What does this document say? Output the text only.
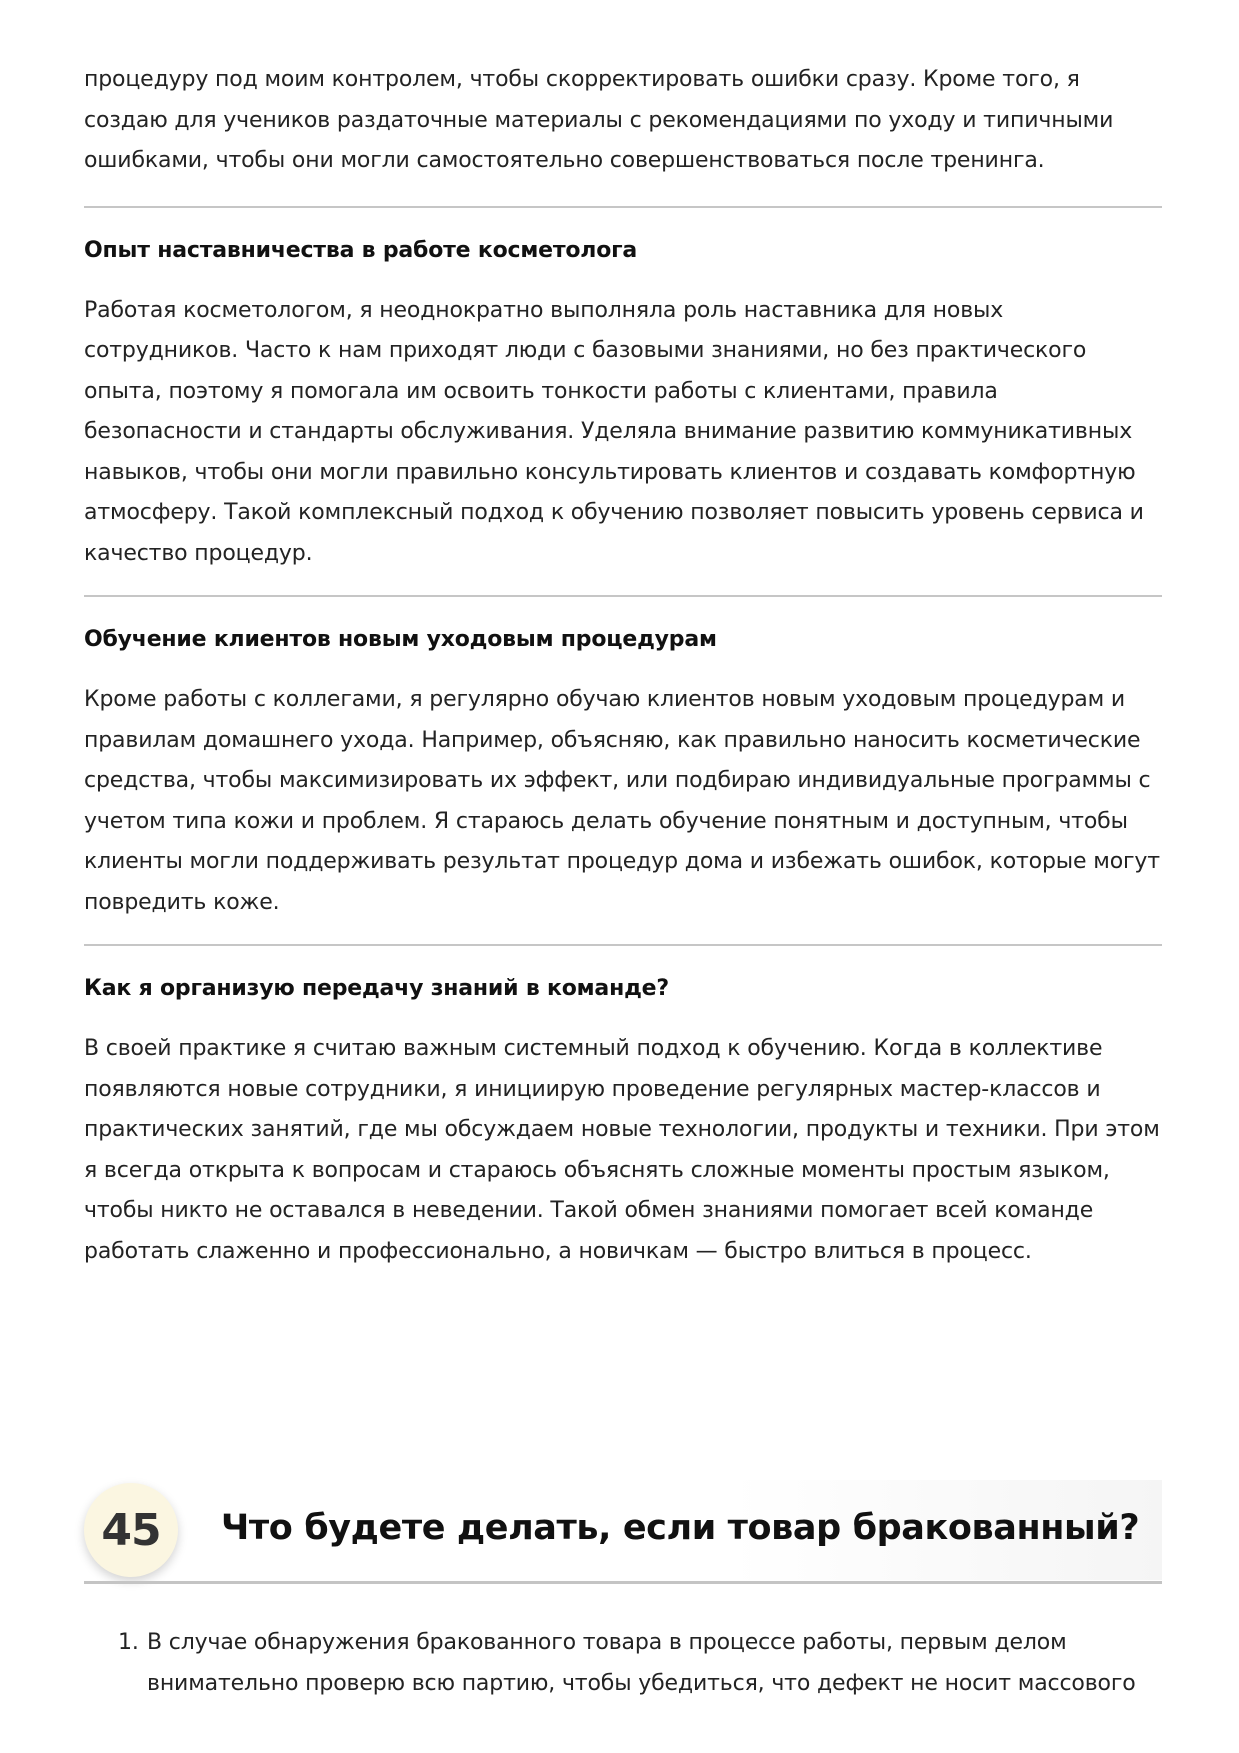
процедуру под моим контролем, чтобы скорректировать ошибки сразу. Кроме того, я создаю для учеников раздаточные материалы с рекомендациями по уходу и типичными ошибками, чтобы они могли самостоятельно совершенствоваться после тренинга.

Опыт наставничества в работе косметолога

Работая косметологом, я неоднократно выполняла роль наставника для новых сотрудников. Часто к нам приходят люди с базовыми знаниями, но без практического опыта, поэтому я помогала им освоить тонкости работы с клиентами, правила безопасности и стандарты обслуживания. Уделяла внимание развитию коммуникативных навыков, чтобы они могли правильно консультировать клиентов и создавать комфортную атмосферу. Такой комплексный подход к обучению позволяет повысить уровень сервиса и качество процедур.

Обучение клиентов новым уходовым процедурам

Кроме работы с коллегами, я регулярно обучаю клиентов новым уходовым процедурам и правилам домашнего ухода. Например, объясняю, как правильно наносить косметические средства, чтобы максимизировать их эффект, или подбираю индивидуальные программы с учетом типа кожи и проблем. Я стараюсь делать обучение понятным и доступным, чтобы клиенты могли поддерживать результат процедур дома и избежать ошибок, которые могут повредить коже.

Как я организую передачу знаний в команде?

В своей практике я считаю важным системный подход к обучению. Когда в коллективе появляются новые сотрудники, я инициирую проведение регулярных мастер-классов и практических занятий, где мы обсуждаем новые технологии, продукты и техники. При этом я всегда открыта к вопросам и стараюсь объяснять сложные моменты простым языком, чтобы никто не оставался в неведении. Такой обмен знаниями помогает всей команде работать слаженно и профессионально, а новичкам — быстро влиться в процесс.

45	Что будете делать, если товар бракованный?
1. В случае обнаружения бракованного товара в процессе работы, первым делом внимательно проверю всю партию, чтобы убедиться, что дефект не носит массового
